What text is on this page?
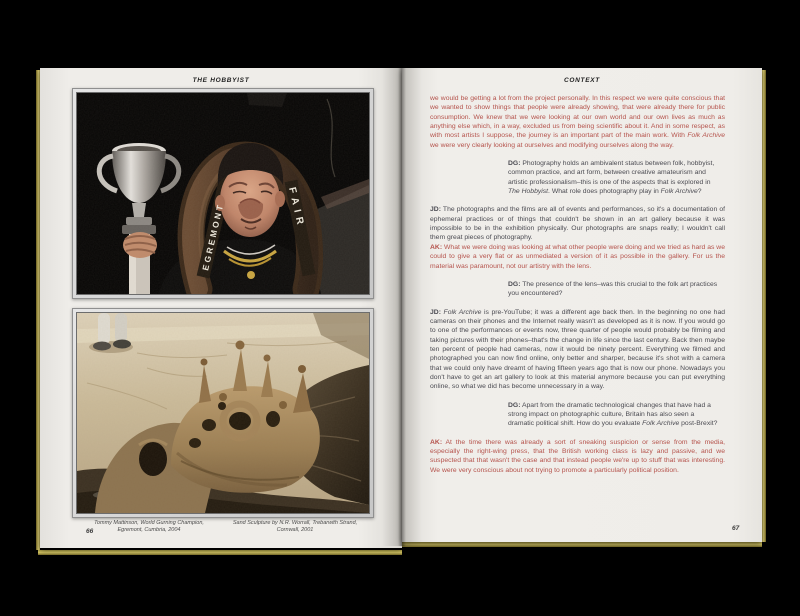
THE HOBBYIST
Tommy Mattinson, World Gurning Champion,
Egremont, Cumbria, 2004
Sand Sculpture by N.R. Worrall, Trebarwith Strand,
Cornwall, 2001
66
CONTEXT
we would be getting a lot from the project personally. In this respect we were quite conscious that we wanted to show things that people were already showing, that were already there for public consumption. We knew that we were looking at our own world and our own lives as much as anything else which, in a way, excluded us from being scientific about it. And in some respect, as with most artists I suppose, the journey is an important part of the main work. With Folk Archive we were very clearly looking at ourselves and modifying ourselves along the way.
DG: Photography holds an ambivalent status between folk, hobbyist, common practice, and art form, between creative amateurism and artistic professionalism–this is one of the aspects that is explored in The Hobbyist. What role does photography play in Folk Archive?
JD: The photographs and the films are all of events and performances, so it's a documentation of ephemeral practices or of things that couldn't be shown in an art gallery because it was impossible to be in the exhibition physically. Our photographs are snaps really; I wouldn't call them great pieces of photography.
AK: What we were doing was looking at what other people were doing and we tried as hard as we could to give a very flat or as unmediated a version of it as possible in the gallery. For us the material was paramount, not our artistry with the lens.
DG: The presence of the lens–was this crucial to the folk art practices you encountered?
JD: Folk Archive is pre-YouTube; it was a different age back then. In the beginning no one had cameras on their phones and the Internet really wasn't as developed as it is now. If you would go to one of the performances or events now, three quarter of people would probably be filming and taking pictures with their phones–that's the change in life since the last century. Back then maybe ten percent of people had cameras, now it would be ninety percent. Everything we filmed and photographed you can now find online, only better and sharper, because it's shot with a camera that we could only have dreamt of having fifteen years ago that is now our phone. Nowadays you don't have to get an art gallery to look at this material anymore because you can put everything online, so what we did has become unnecessary in a way.
DG: Apart from the dramatic technological changes that have had a strong impact on photographic culture, Britain has also seen a dramatic political shift. How do you evaluate Folk Archive post-Brexit?
AK: At the time there was already a sort of sneaking suspicion or sense from the media, especially the right-wing press, that the British working class is lazy and passive, and we suspected that that wasn't the case and that instead people we're up to stuff that was interesting. We were very conscious about not trying to promote a particularly political position.
67
